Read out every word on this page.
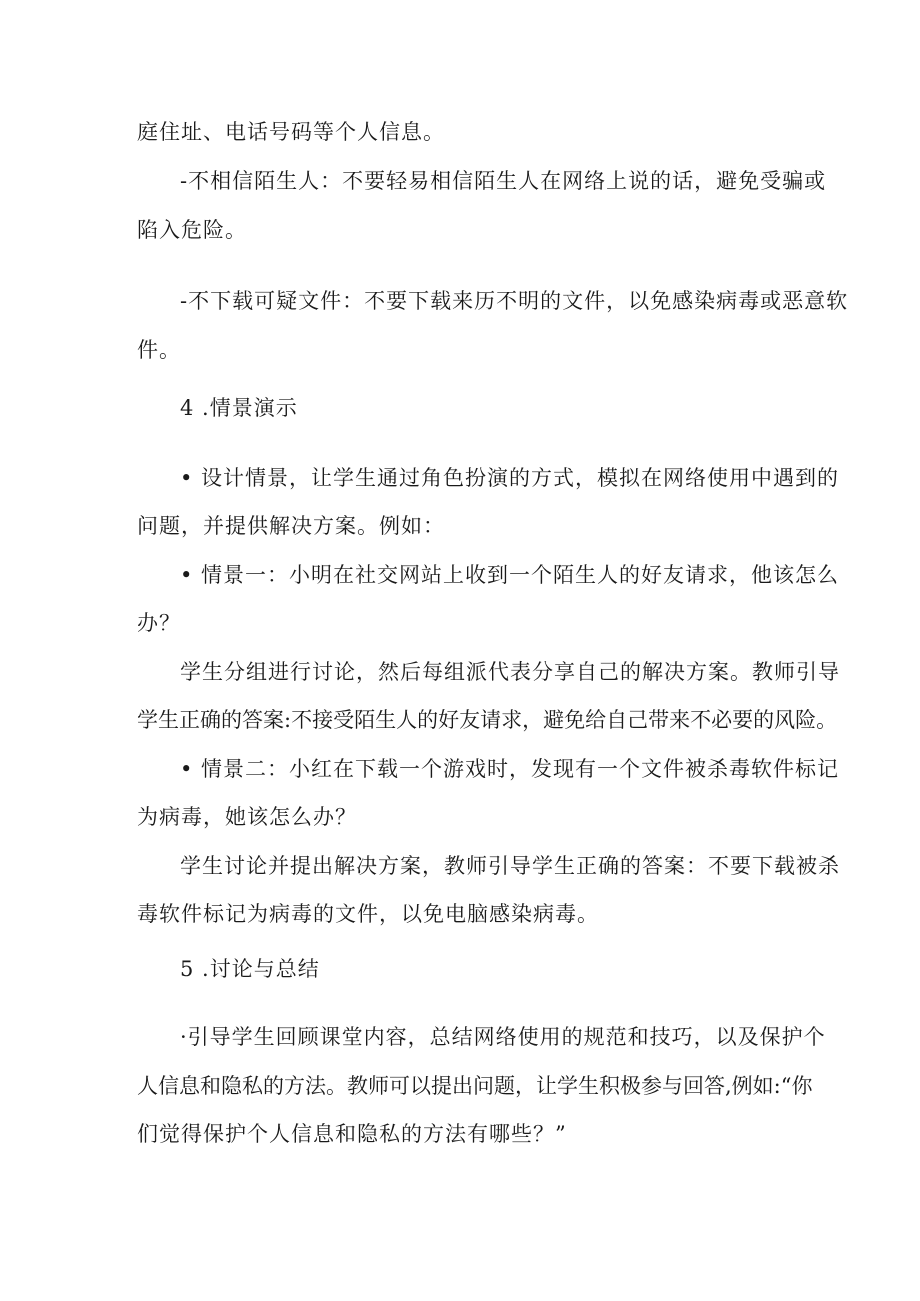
庭住址、电话号码等个人信息。
-不相信陌生人：不要轻易相信陌生人在网络上说的话，避免受骗或
陷入危险。
-不下载可疑文件：不要下载来历不明的文件，以免感染病毒或恶意软
件。
4 .情景演示
• 设计情景，让学生通过角色扮演的方式，模拟在网络使用中遇到的
问题，并提供解决方案。例如：
• 情景一：小明在社交网站上收到一个陌生人的好友请求，他该怎么
办？
学生分组进行讨论，然后每组派代表分享自己的解决方案。教师引导
学生正确的答案:不接受陌生人的好友请求，避免给自己带来不必要的风险。
• 情景二：小红在下载一个游戏时，发现有一个文件被杀毒软件标记
为病毒，她该怎么办？
学生讨论并提出解决方案，教师引导学生正确的答案：不要下载被杀
毒软件标记为病毒的文件，以免电脑感染病毒。
5 .讨论与总结
·引导学生回顾课堂内容，总结网络使用的规范和技巧，以及保护个
人信息和隐私的方法。教师可以提出问题，让学生积极参与回答,例如:“你
们觉得保护个人信息和隐私的方法有哪些？”
